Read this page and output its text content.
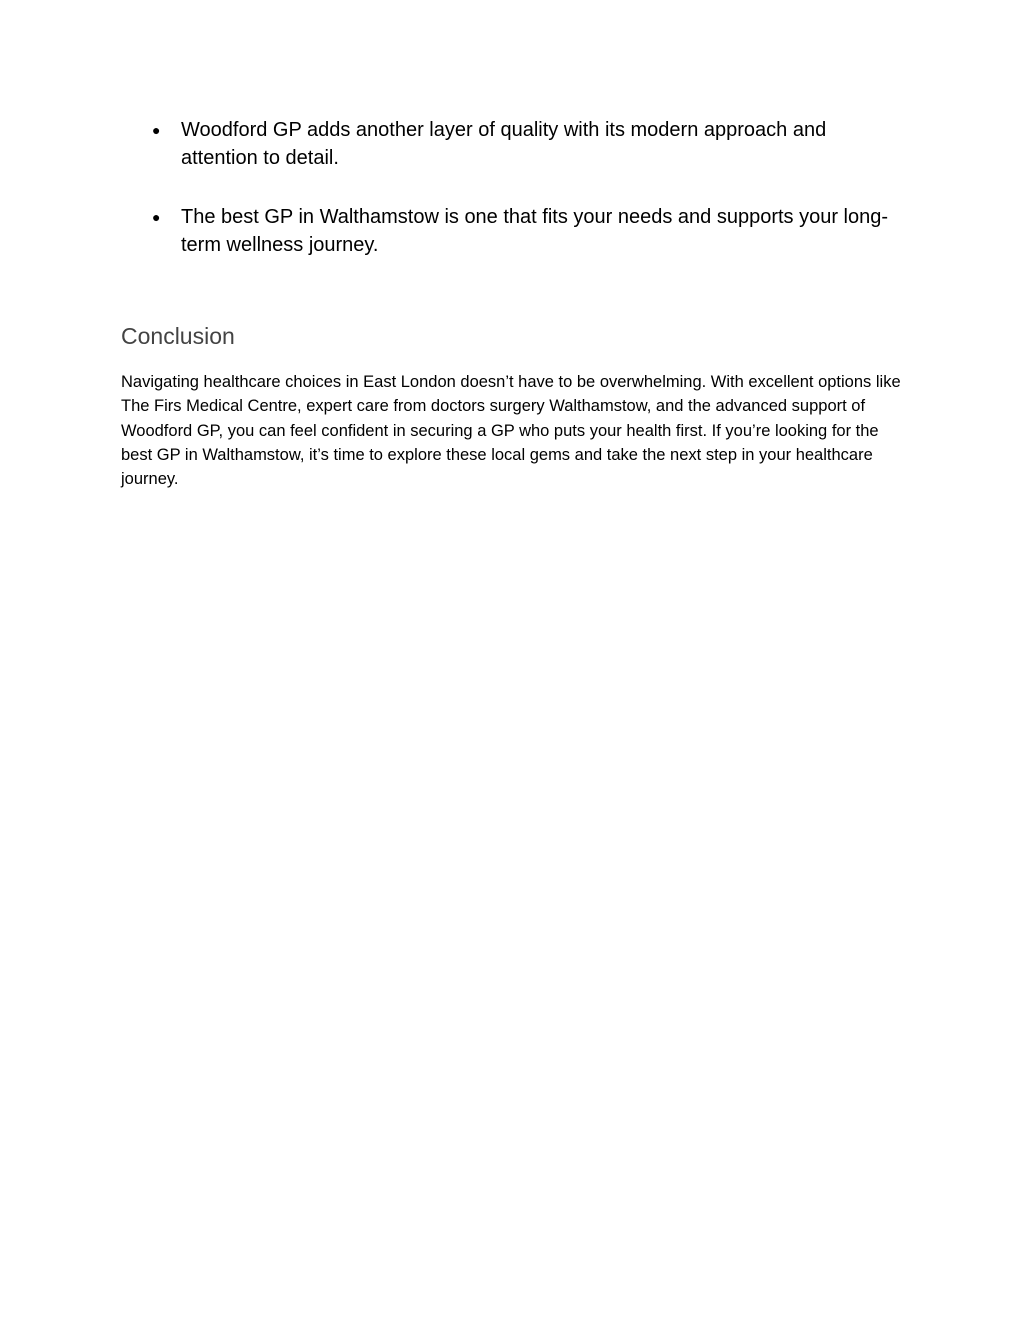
● Woodford GP adds another layer of quality with its modern approach and attention to detail.
● The best GP in Walthamstow is one that fits your needs and supports your long-term wellness journey.
Conclusion

Navigating healthcare choices in East London doesn’t have to be overwhelming. With excellent options like The Firs Medical Centre, expert care from doctors surgery Walthamstow, and the advanced support of Woodford GP, you can feel confident in securing a GP who puts your health first. If you’re looking for the best GP in Walthamstow, it’s time to explore these local gems and take the next step in your healthcare journey.
